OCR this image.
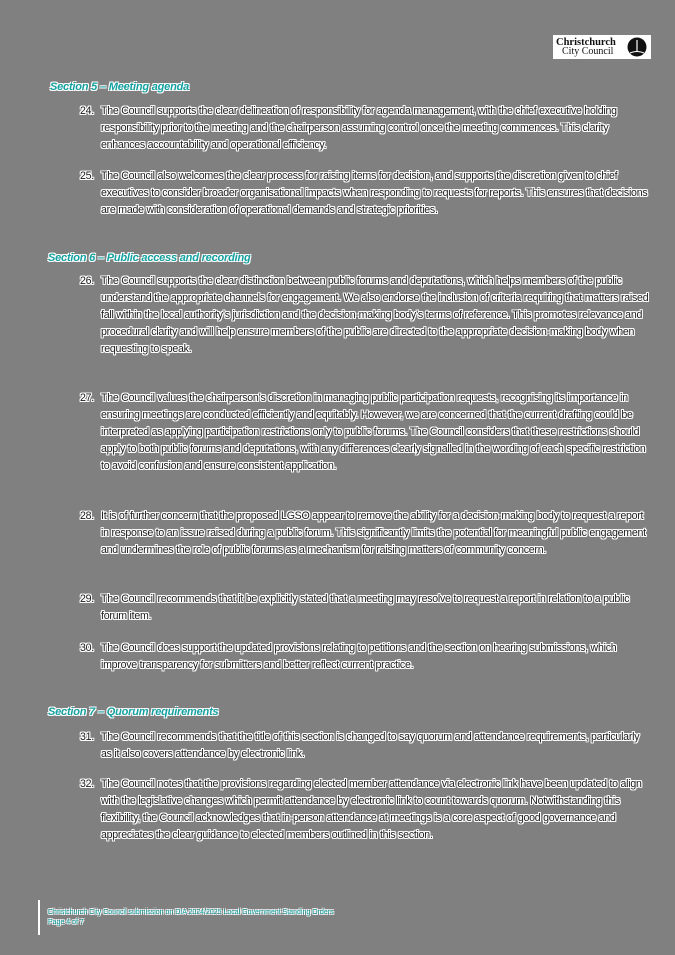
Christchurch
City Council
Section 5 – Meeting agenda
24. The Council supports the clear delineation of responsibility for agenda management, with the chief executive holding responsibility prior to the meeting and the chairperson assuming control once the meeting commences. This clarity enhances accountability and operational efficiency.
25. The Council also welcomes the clear process for raising items for decision, and supports the discretion given to chief executives to consider broader organisational impacts when responding to requests for reports. This ensures that decisions are made with consideration of operational demands and strategic priorities.
Section 6 – Public access and recording
26. The Council supports the clear distinction between public forums and deputations, which helps members of the public understand the appropriate channels for engagement. We also endorse the inclusion of criteria requiring that matters raised fall within the local authority’s jurisdiction and the decision-making body’s terms of reference. This promotes relevance and procedural clarity and will help ensure members of the public are directed to the appropriate decision-making body when requesting to speak.
27. The Council values the chairperson’s discretion in managing public participation requests, recognising its importance in ensuring meetings are conducted efficiently and equitably. However, we are concerned that the current drafting could be interpreted as applying participation restrictions only to public forums. The Council considers that these restrictions should apply to both public forums and deputations, with any differences clearly signalled in the wording of each specific restriction to avoid confusion and ensure consistent application.
28. It is of further concern that the proposed LGSO appear to remove the ability for a decision-making body to request a report in response to an issue raised during a public forum. This significantly limits the potential for meaningful public engagement and undermines the role of public forums as a mechanism for raising matters of community concern.
29. The Council recommends that it be explicitly stated that a meeting may resolve to request a report in relation to a public forum item.
30. The Council does support the updated provisions relating to petitions and the section on hearing submissions, which improve transparency for submitters and better reflect current practice.
Section 7 – Quorum requirements
31. The Council recommends that the title of this section is changed to say quorum and attendance requirements, particularly as it also covers attendance by electronic link.
32. The Council notes that the provisions regarding elected member attendance via electronic link have been updated to align with the legislative changes which permit attendance by electronic link to count towards quorum. Notwithstanding this flexibility, the Council acknowledges that in-person attendance at meetings is a core aspect of good governance and appreciates the clear guidance to elected members outlined in this section.
Christchurch City Council submission on DIA 2024/2025 Local Government Standing Orders
Page 4 of 7
